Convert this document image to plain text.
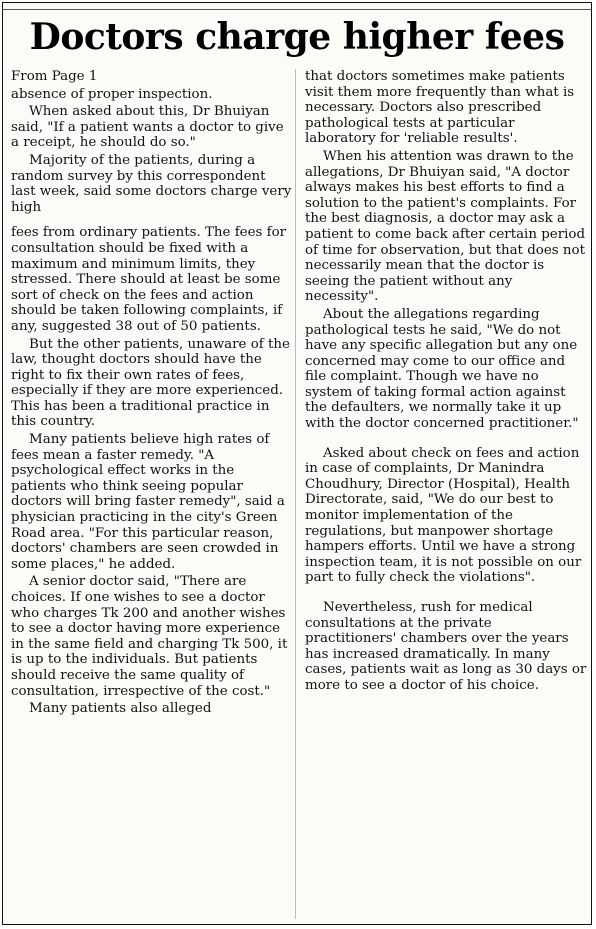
Doctors charge higher fees

From Page 1

absence of proper inspection.

When asked about this, Dr Bhuiyan said, "If a patient wants a doctor to give a receipt, he should do so."

Majority of the patients, during a random survey by this correspondent last week, said some doctors charge very high

fees from ordinary patients. The fees for consultation should be fixed with a maximum and minimum limits, they stressed. There should at least be some sort of check on the fees and action should be taken following complaints, if any, suggested 38 out of 50 patients.

But the other patients, unaware of the law, thought doctors should have the right to fix their own rates of fees, especially if they are more experienced. This has been a traditional practice in this country.

Many patients believe high rates of fees mean a faster remedy. "A psychological effect works in the patients who think seeing popular doctors will bring faster remedy", said a physician practicing in the city's Green Road area. "For this particular reason, doctors' chambers are seen crowded in some places," he added.

A senior doctor said, "There are choices. If one wishes to see a doctor who charges Tk 200 and another wishes to see a doctor having more experience in the same field and charging Tk 500, it is up to the individuals. But patients should receive the same quality of consultation, irrespective of the cost."

Many patients also alleged

that doctors sometimes make patients visit them more frequently than what is necessary. Doctors also prescribed pathological tests at particular laboratory for 'reliable results'.

When his attention was drawn to the allegations, Dr Bhuiyan said, "A doctor always makes his best efforts to find a solution to the patient's complaints. For the best diagnosis, a doctor may ask a patient to come back after certain period of time for observation, but that does not necessarily mean that the doctor is seeing the patient without any necessity".

About the allegations regarding pathological tests he said, "We do not have any specific allegation but any one concerned may come to our office and file complaint. Though we have no system of taking formal action against the defaulters, we normally take it up with the doctor concerned practitioner."

Asked about check on fees and action in case of complaints, Dr Manindra Choudhury, Director (Hospital), Health Directorate, said, "We do our best to monitor implementation of the regulations, but manpower shortage hampers efforts. Until we have a strong inspection team, it is not possible on our part to fully check the violations".

Nevertheless, rush for medical consultations at the private practitioners' chambers over the years has increased dramatically. In many cases, patients wait as long as 30 days or more to see a doctor of his choice.
